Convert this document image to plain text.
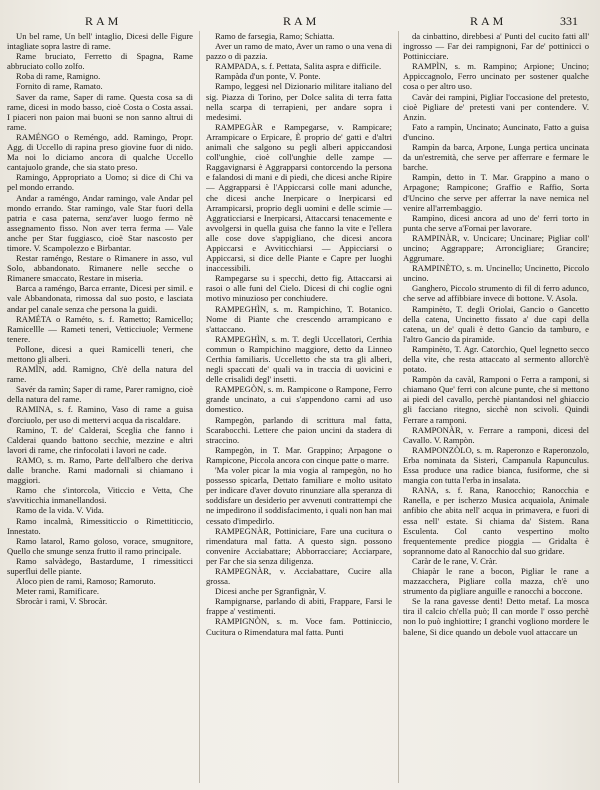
RAM	RAM	RAM	331

Un bel rame, Un bell' intaglio, Dicesi delle Figure intagliate sopra lastre di rame.

Rame bruciato, Ferretto di Spagna, Rame abbruciato collo zolfo.

Roba di rame, Ramigno.

Fornito di rame, Ramato.

Saver da rame, Saper di rame. Questa cosa sa di rame, dicesi in modo basso, cioè Costa o Costa assai. I piaceri non paion mai buoni se non sanno altrui di rame.

RAMÉNGO o Reméngo, add. Ramingo, Propr. Agg. di Uccello di rapina preso giovine fuor di nido. Ma noi lo diciamo ancora di qualche Uccello cantajuolo grande, che sia stato preso.

Ramingo, Appropriato a Uomo; si dice di Chi va pel mondo errando.

Andar a raméngo, Andar ramingo, vale Andar pel mondo errando. Star ramingo, vale Star fuori della patria e casa paterna, senz'aver luogo fermo nè assegnamento fisso. Non aver terra ferma — Vale anche per Star fuggiasco, cioè Star nascosto per timore. V. Scampolezzo e Birbantar.

Restar raméngo, Restare o Rimanere in asso, vul Solo, abbandonato. Rimanere nelle secche o Rimanere smaccato, Restare in miseria.

Barca a raméngo, Barca errante, Dicesi per simil. e vale Abbandonata, rimossa dal suo posto, e lasciata andar pel canale senza che persona la guidi.

RAMÉTA o Raméto, s. f. Rametto; Ramicello; Ramicellle — Rameti teneri, Vetticciuole; Vermene tenere.

Pollone, dicesi a quei Ramicelli teneri, che mettono gli alberi.

RAMÌN, add. Ramigno, Ch'è della natura del rame.

Savér da ramìn; Saper di rame, Parer ramigno, cioè della natura del rame.

RAMINA, s. f. Ramino, Vaso di rame a guisa d'orciuolo, per uso di mettervi acqua da riscaldare.

Ramino, T. de' Calderai, Sceglia che fanno i Calderai quando battono secchie, mezzine e altri lavori di rame, che rinfocolati i lavori ne cade.

RAMO, s. m. Ramo, Parte dell'albero che deriva dalle branche. Rami madornali si chiamano i maggiori.

Ramo che s'intorcola, Viticcio e Vetta, Che s'avviticchia inmanellandosi.

Ramo de la vida. V. Vida.

Ramo incalmà, Rimessiticcio o Rimettiticcio, Innestato.

Ramo latarol, Ramo goloso, vorace, smugnitore, Quello che smunge senza frutto il ramo principale.

Ramo salvàdego, Bastardume, I rimessiticci superflui delle piante.

Aloco pien de rami, Ramoso; Ramoruto.

Meter rami, Ramificare.

Sbrocàr i rami, V. Sbrocàr.

Ramo de farsegia, Ramo; Schiatta.

Aver un ramo de mato, Aver un ramo o una vena di pazzo o di pazzia.

RAMPADA, s. f. Pettata, Salita aspra e difficile.

Rampàda d'un ponte, V. Ponte.

Rampo, leggesi nel Dizionario militare italiano del sig. Piazza di Torino, per Dolce salita di terra fatta nella scarpa di terrapieni, per andare sopra i medesimi.

RAMPEGÀR e Rampegarse, v. Rampicare; Arrampicare o Erpicare, È proprio de' gatti e d'altri animali che salgono su pegli alberi appiccandosi coll'unghie, cioè coll'unghie delle zampe — Raggavignarsi è Aggrapparsi contorcendo la persona e falandosi di mani e di piedi, che dicesi anche Ripire — Aggrapparsi è l'Appiccarsi colle mani adunche, che dicesi anche Inerpicare o Inerpicarsi ed Arrampicarsi, proprio degli uomini e delle scimie — Aggraticciarsi e Inerpicarsi, Attaccarsi tenacemente e avvolgersi in quella guisa che fanno la vite e l'ellera alle cose dove s'appigliano, che dicesi ancora Appiccarsi e Avviticchiarsi — Appicciarsi o Appiccarsi, si dice delle Piante e Capre per luoghi inaccessibili.

Rampegarse su i specchi, detto fig. Attaccarsi ai rasoi o alle funi del Cielo. Dicesi di chi coglie ogni motivo minuzioso per conchiudere.

RAMPEGHÌN, s. m. Rampichino, T. Botanico. Nome di Piante che crescendo arrampicano e s'attaccano.

RAMPEGHÌN, s. m. T. degli Uccellatori, Certhia commun o Rampichino maggiore, detto da Linneo Certhia familiaris. Uccelletto che sta tra gli alberi, negli spaccati de' quali va in traccia di uovicini e delle crisalidi degl' insetti.

RAMPEGÒN, s. m. Rampicone o Rampone, Ferro grande uncinato, a cui s'appendono carni ad uso domestico.

Rampegòn, parlando di scrittura mal fatta, Scarabocchi. Lettere che paion uncini da stadera di straccino.

Rampegòn, in T. Mar. Grappino; Arpagone o Rampicone, Piccola ancora con cinque patte o marre.

'Ma voler picar la mia vogia al rampegòn, no ho possesso spicarla, Dettato familiare e molto usitato per indicare d'aver dovuto rinunziare alla speranza di soddisfare un desiderio per avvenuti contrattempi che ne impedirono il soddisfacimento, i quali non han mai cessato d'impedirlo.

RAMPEGNÀR, Pottiniciare, Fare una cucitura o rimendatura mal fatta. A questo sign. possono convenire Acciabattare; Abborracciare; Acciarpare, per Far che sia senza diligenza.

RAMPEGNÀR, v. Acciabattare, Cucire alla grossa.

Dicesi anche per Sgranfignàr, V.

Rampignarse, parlando di abiti, Frappare, Farsi le frappe a' vestimenti.

RAMPIGNÒN, s. m. Voce fam. Pottiniccio, Cucitura o Rimendatura mal fatta. Punti

da cinbattino, direbbesi a' Punti del cucito fatti all' ingrosso — Far dei rampignoni, Far de' pottinicci o Pottinicciare.

RAMPÌN, s. m. Rampino; Arpione; Uncino; Appiccagnolo, Ferro uncinato per sostener qualche cosa o per altro uso.

Cavàr dei rampini, Pigliar l'occasione del pretesto, cioè Pigliare de' pretesti vani per contendere. V. Anzin.

Fato a rampìn, Uncinato; Auncinato, Fatto a guisa d'uncino.

Rampìn da barca, Arpone, Lunga pertica uncinata da un'estremità, che serve per afferrare e fermare le barche.

Rampìn, detto in T. Mar. Grappino a mano o Arpagone; Rampicone; Graffio e Raffio, Sorta d'Uncino che serve per afferrar la nave nemica nel venire all'arrembaggio.

Rampìno, dicesi ancora ad uno de' ferri torto in punta che serve a'Fornai per lavorare.

RAMPINÀR, v. Uncicare; Uncinare; Pigliar coll' uncino; Aggrappare; Arroncigliare; Grancire; Aggrumare.

RAMPINÈTO, s. m. Uncinello; Uncinetto, Piccolo uncino.

Ganghero, Piccolo strumento di fil di ferro adunco, che serve ad affibbiare invece di bottone. V. Asola.

Rampinèto, T. degli Oriolai, Gancio o Gancetto della catena, Uncinetto fissato a' due capi della catena, un de' quali è detto Gancio da tamburo, e l'altro Gancio da piramide.

Rampinèto, T. Agr. Catorchio, Quel legnetto secco della vite, che resta attaccato al sermento allorch'è potato.

Rampòn da cavàl, Ramponi o Ferra a ramponi, si chiamano Que' ferri con alcune punte, che si mettono ai piedi del cavallo, perchè piantandosi nel ghiaccio gli facciano ritegno, sicchè non scivoli. Quindi Ferrare a ramponi.

RAMPONÀR, v. Ferrare a ramponi, dicesi del Cavallo. V. Rampòn.

RAMPONZÒLO, s. m. Raperonzo e Raperonzolo, Erba nominata da Sisteri, Campanula Rapunculus. Essa produce una radice bianca, fusiforme, che si mangia con tutta l'erba in insalata.

RANA, s. f. Rana, Ranocchio; Ranocchia e Ranella, e per ischerzo Musica acquaiola, Animale anfibio che abita nell' acqua in primavera, e fuori di essa nell' estate. Si chiama da' Sistem. Rana Esculenta. Col canto vespertino molto frequentemente predice pioggia — Gridalta è soprannome dato al Ranocchio dal suo gridare.

Caràr de le rane, V. Cràr.

Chiapàr le rane a bocon, Pigliar le rane a mazzacchera, Pigliare colla mazza, ch'è uno strumento da pigliare anguille e ranocchi a boccone.

Se la rana gavesse denti! Detto metaf. La mosca tira il calcio ch'ella può; Il can morde l' osso perchè non lo può inghiottire; I granchi vogliono mordere le balene, Si dice quando un debole vuol attaccare un
